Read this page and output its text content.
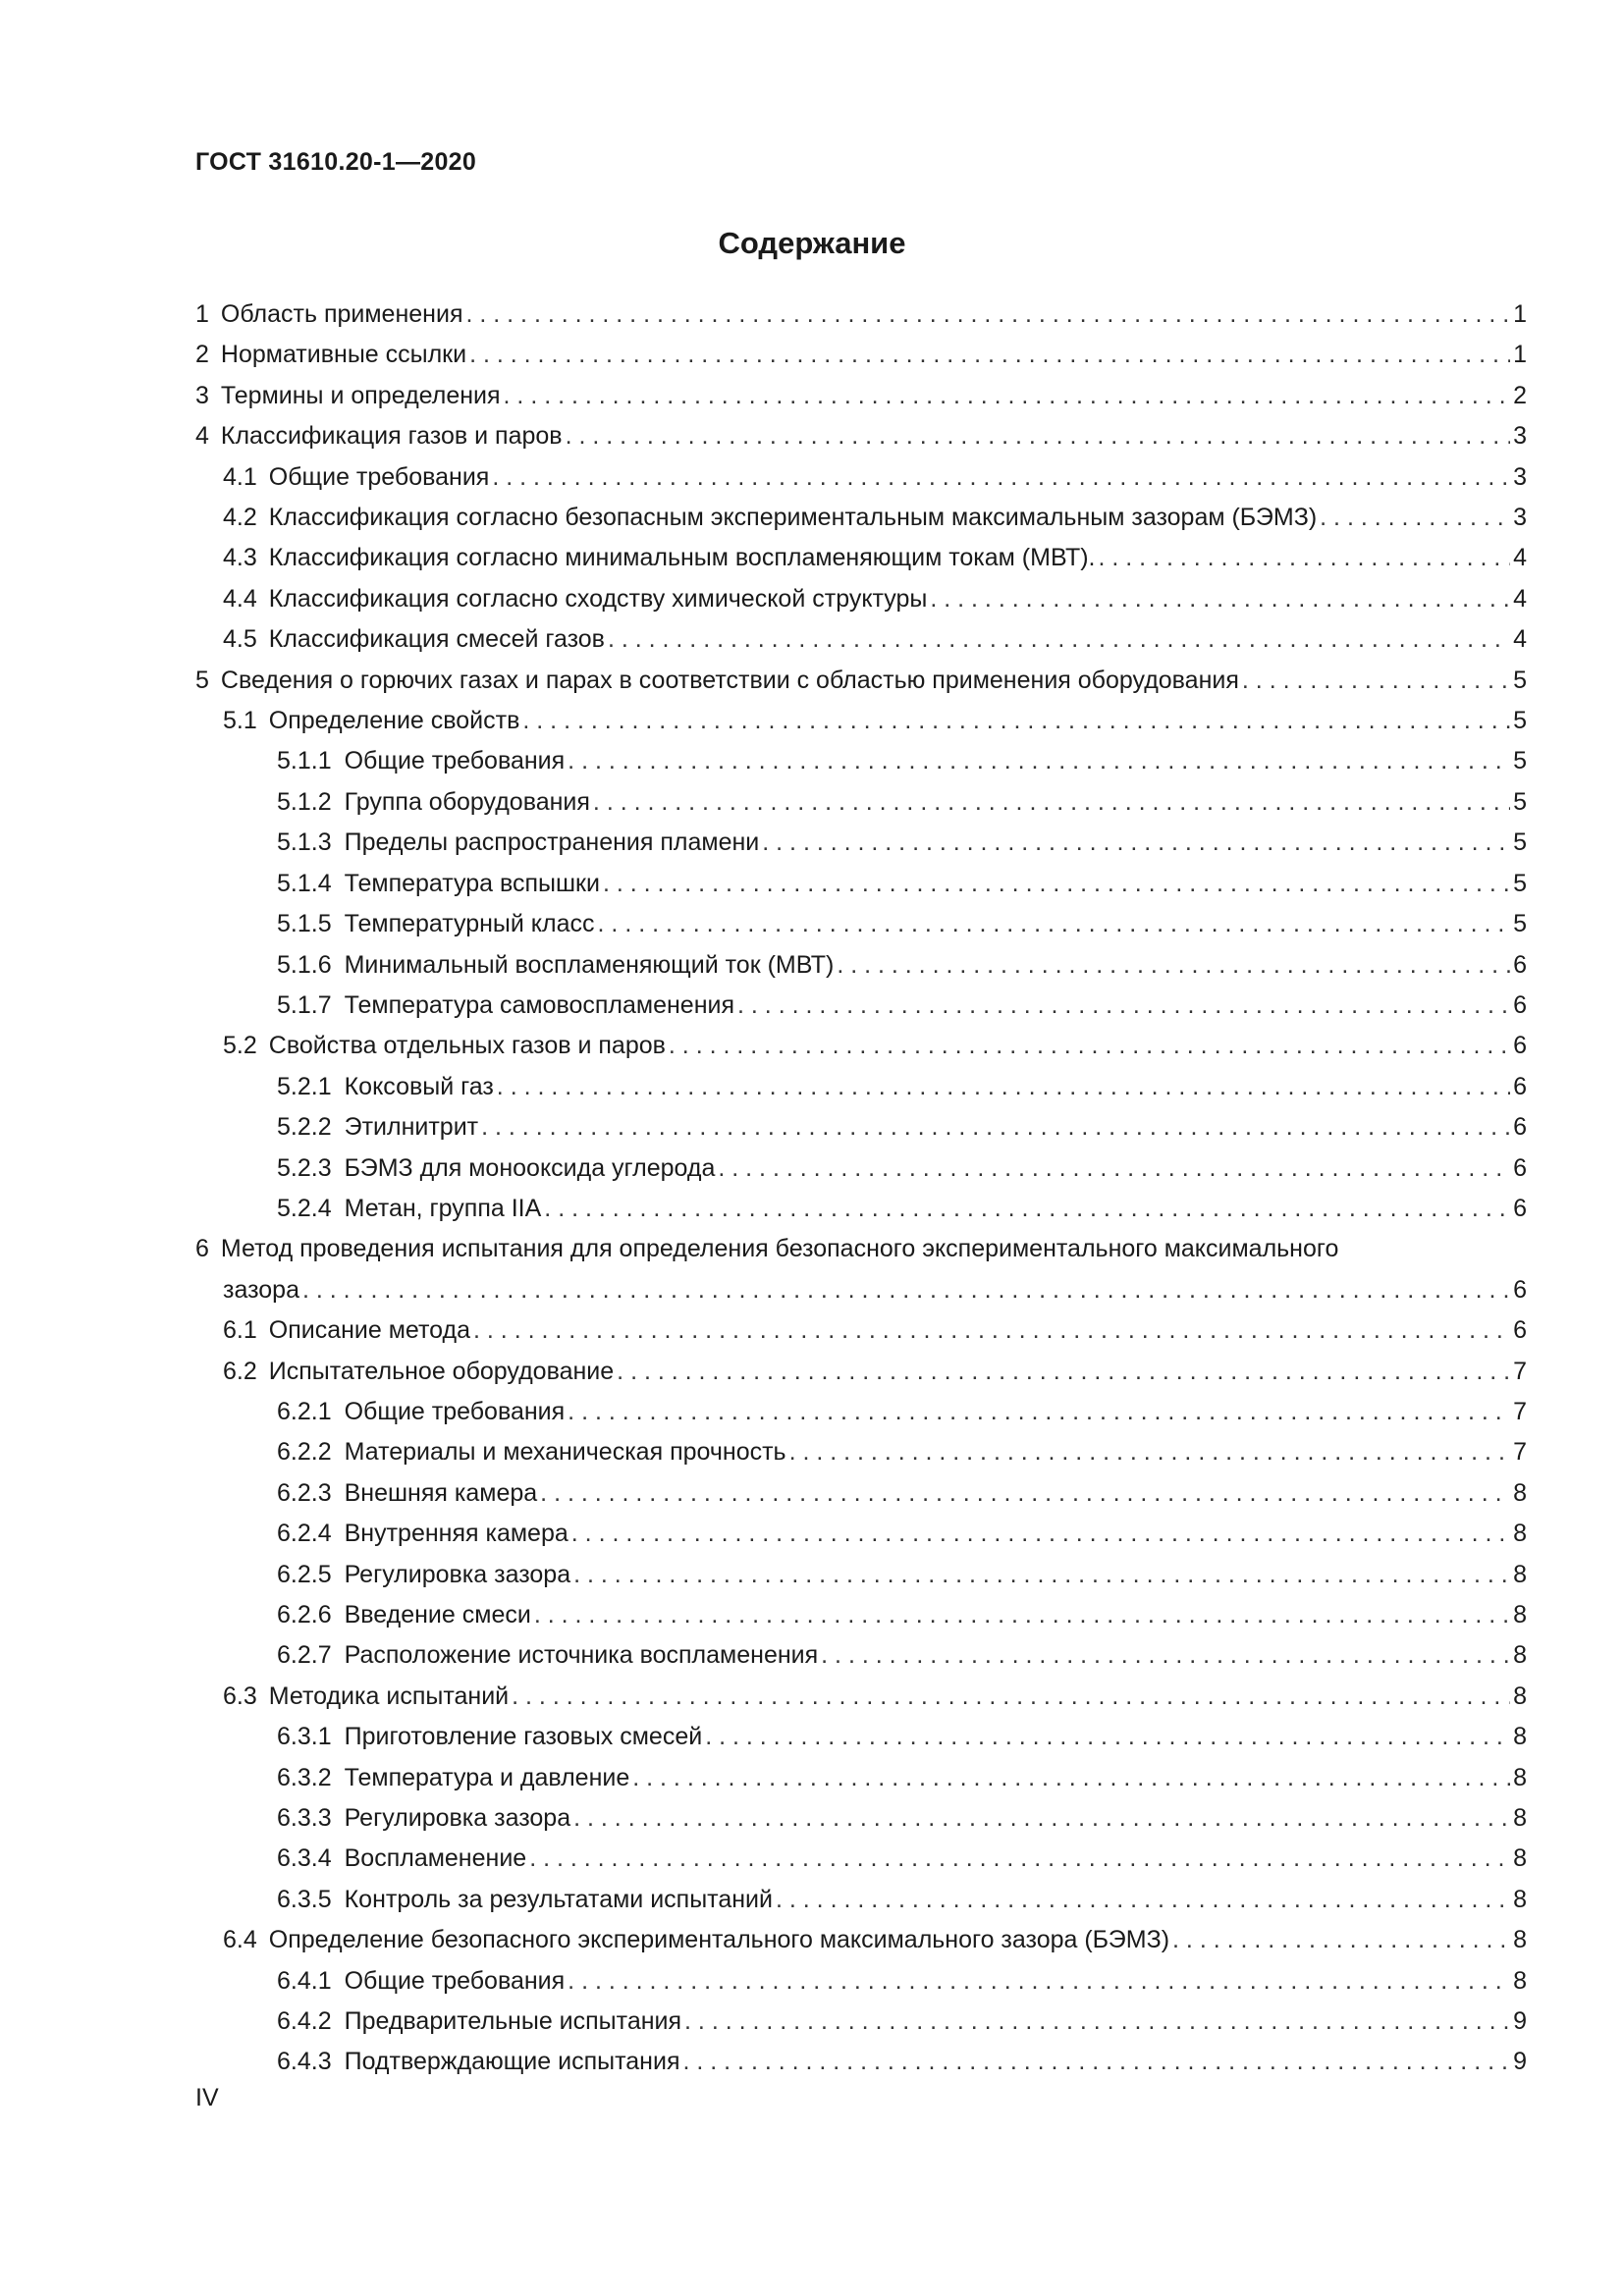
ГОСТ 31610.20-1—2020
Содержание
1 Область применения . . .	1
2 Нормативные ссылки . . .	1
3 Термины и определения . . .	2
4 Классификация газов и паров . . .	3
4.1 Общие требования . . .	3
4.2 Классификация согласно безопасным экспериментальным максимальным зазорам (БЭМЗ) . . .	3
4.3 Классификация согласно минимальным воспламеняющим токам (МВТ). . . .	4
4.4 Классификация согласно сходству химической структуры . . .	4
4.5 Классификация смесей газов . . .	4
5 Сведения о горючих газах и парах в соответствии с областью применения оборудования . . .	5
5.1 Определение свойств . . .	5
5.1.1 Общие требования . . .	5
5.1.2 Группа оборудования . . .	5
5.1.3 Пределы распространения пламени . . .	5
5.1.4 Температура вспышки . . .	5
5.1.5 Температурный класс . . .	5
5.1.6 Минимальный воспламеняющий ток (МВТ) . . .	6
5.1.7 Температура самовоспламенения . . .	6
5.2 Свойства отдельных газов и паров . . .	6
5.2.1 Коксовый газ . . .	6
5.2.2 Этилнитрит . . .	6
5.2.3 БЭМЗ для монооксида углерода . . .	6
5.2.4 Метан, группа IIA . . .	6
6 Метод проведения испытания для определения безопасного экспериментального максимального
зазора . . .	6
6.1 Описание метода . . .	6
6.2 Испытательное оборудование . . .	7
6.2.1 Общие требования . . .	7
6.2.2 Материалы и механическая прочность . . .	7
6.2.3 Внешняя камера . . .	8
6.2.4 Внутренняя камера . . .	8
6.2.5 Регулировка зазора . . .	8
6.2.6 Введение смеси . . .	8
6.2.7 Расположение источника воспламенения . . .	8
6.3 Методика испытаний . . .	8
6.3.1 Приготовление газовых смесей . . .	8
6.3.2 Температура и давление . . .	8
6.3.3 Регулировка зазора . . .	8
6.3.4 Воспламенение . . .	8
6.3.5 Контроль за результатами испытаний . . .	8
6.4 Определение безопасного экспериментального максимального зазора (БЭМЗ) . . .	8
6.4.1 Общие требования . . .	8
6.4.2 Предварительные испытания . . .	9
6.4.3 Подтверждающие испытания . . .	9
IV
